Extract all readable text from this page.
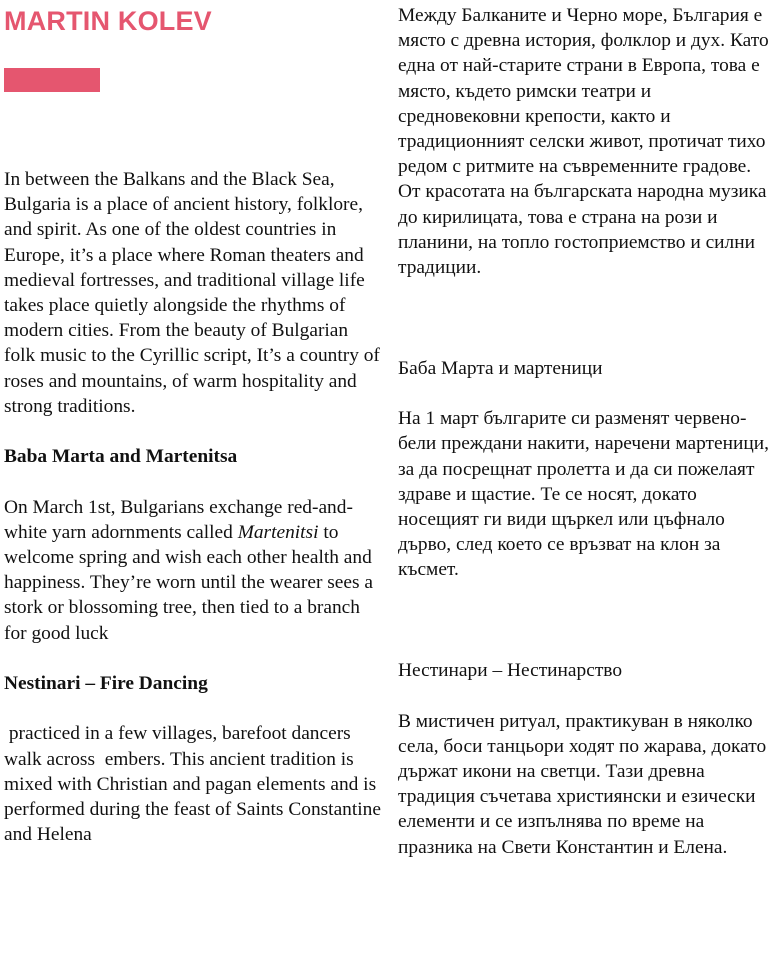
MARTIN KOLEV

In between the Balkans and the Black Sea, Bulgaria is a place of ancient history, folklore, and spirit. As one of the oldest countries in Europe, it’s a place where Roman theaters and medieval fortresses, and traditional village life takes place quietly alongside the rhythms of modern cities. From the beauty of Bulgarian folk music to the Cyrillic script, It’s a country of roses and mountains, of warm hospitality and strong traditions.

Baba Marta and Martenitsa

On March 1st, Bulgarians exchange red-and-white yarn adornments called Martenitsi to welcome spring and wish each other health and happiness. They’re worn until the wearer sees a stork or blossoming tree, then tied to a branch for good luck

Nestinari – Fire Dancing

practiced in a few villages, barefoot dancers walk across  embers. This ancient tradition is mixed with Christian and pagan elements and is performed during the feast of Saints Constantine and Helena

Между Балканите и Черно море, България е място с древна история, фолклор и дух. Като една от най-старите страни в Европа, това е място, където римски театри и средновековни крепости, както и традиционният селски живот, протичат тихо редом с ритмите на съвременните градове. От красотата на българската народна музика до кирилицата, това е страна на рози и планини, на топло гостоприемство и силни традиции.

Баба Марта и мартеници

На 1 март българите си разменят червено-бели преждани накити, наречени мартеници, за да посрещнат пролетта и да си пожелаят здраве и щастие. Те се носят, докато носещият ги види щъркел или цъфнало дърво, след което се връзват на клон за късмет.

Нестинари – Нестинарство

В мистичен ритуал, практикуван в няколко села, боси танцьори ходят по жарава, докато държат икони на светци. Тази древна традиция съчетава християнски и езически елементи и се изпълнява по време на празника на Свети Константин и Елена.
